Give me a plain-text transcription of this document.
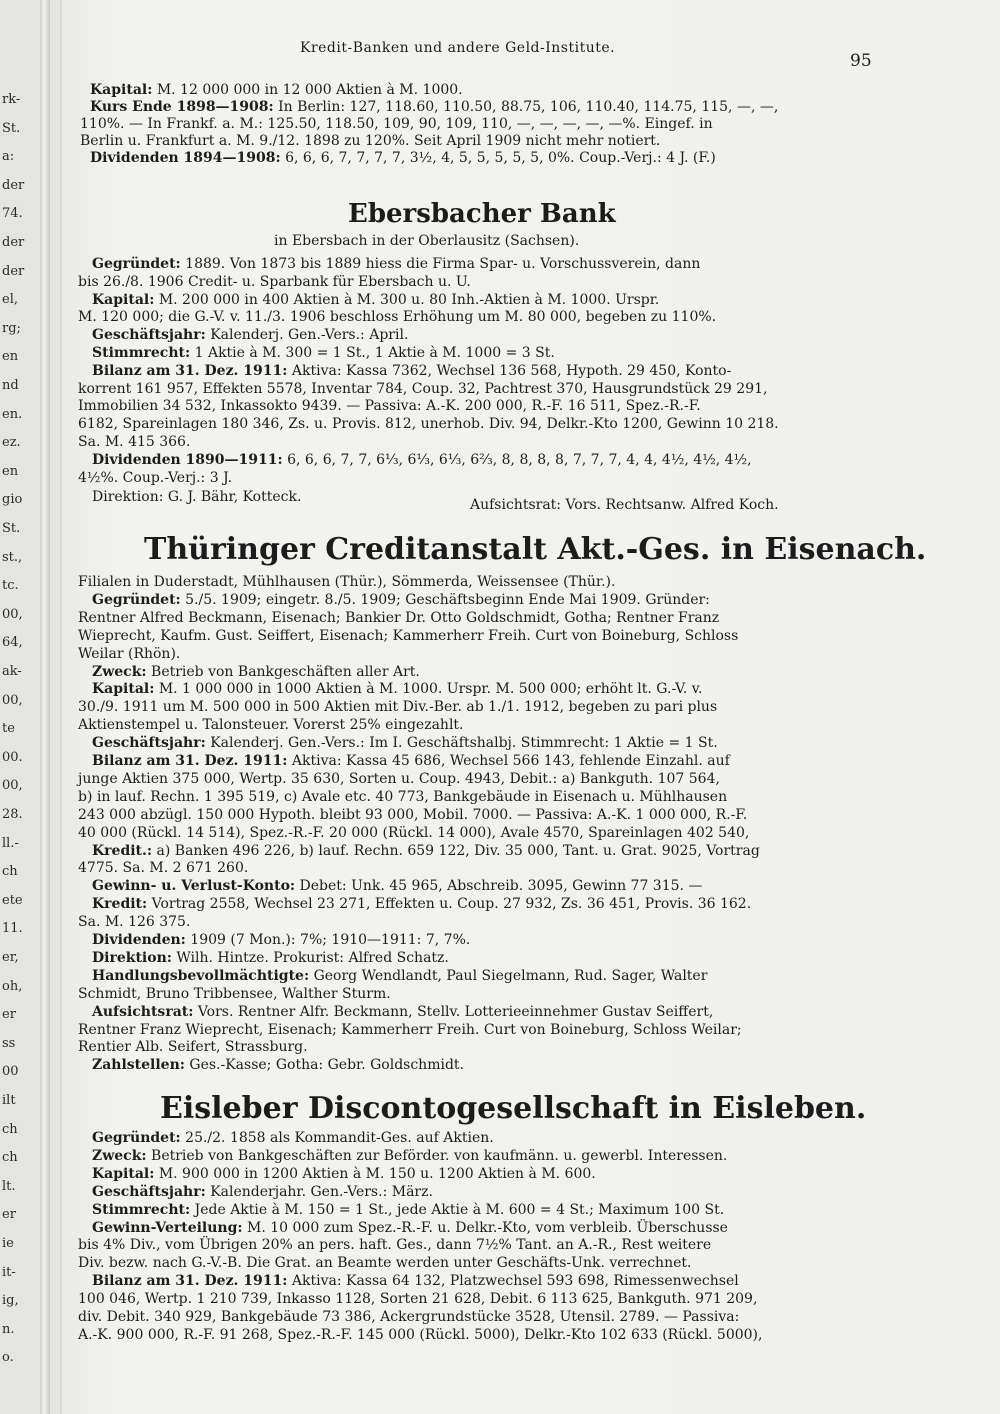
rk-
St.
a:
der
74.
der
der
el,
rg;
en
nd
en.
ez.
en
gio
St.
st.,
tc.
00,
64,
ak-
00,
te
00.
00,
28.
ll.-
ch
ete
11.
er,
oh,
er
ss
00
ilt
ch
ch
lt.
er
ie
it-
ig,
n.
o.
Kredit-Banken und andere Geld-Institute.
95
Kapital: M. 12 000 000 in 12 000 Aktien à M. 1000.
Kurs Ende 1898—1908: In Berlin: 127, 118.60, 110.50, 88.75, 106, 110.40, 114.75, 115, —, —,
110%. — In Frankf. a. M.: 125.50, 118.50, 109, 90, 109, 110, —, —, —, —, —%. Eingef. in
Berlin u. Frankfurt a. M. 9./12. 1898 zu 120%. Seit April 1909 nicht mehr notiert.
Dividenden 1894—1908: 6, 6, 6, 7, 7, 7, 7, 3½, 4, 5, 5, 5, 5, 5, 0%. Coup.-Verj.: 4 J. (F.)
Ebersbacher Bank
in Ebersbach in der Oberlausitz (Sachsen).
Gegründet: 1889. Von 1873 bis 1889 hiess die Firma Spar- u. Vorschussverein, dann
bis 26./8. 1906 Credit- u. Sparbank für Ebersbach u. U.
Kapital: M. 200 000 in 400 Aktien à M. 300 u. 80 Inh.-Aktien à M. 1000. Urspr.
M. 120 000; die G.-V. v. 11./3. 1906 beschloss Erhöhung um M. 80 000, begeben zu 110%.
Geschäftsjahr: Kalenderj. Gen.-Vers.: April.
Stimmrecht: 1 Aktie à M. 300 = 1 St., 1 Aktie à M. 1000 = 3 St.
Bilanz am 31. Dez. 1911: Aktiva: Kassa 7362, Wechsel 136 568, Hypoth. 29 450, Konto-
korrent 161 957, Effekten 5578, Inventar 784, Coup. 32, Pachtrest 370, Hausgrundstück 29 291,
Immobilien 34 532, Inkassokto 9439. — Passiva: A.-K. 200 000, R.-F. 16 511, Spez.-R.-F.
6182, Spareinlagen 180 346, Zs. u. Provis. 812, unerhob. Div. 94, Delkr.-Kto 1200, Gewinn 10 218.
Sa. M. 415 366.
Dividenden 1890—1911: 6, 6, 6, 7, 7, 6⅓, 6⅓, 6⅓, 6⅔, 8, 8, 8, 8, 7, 7, 7, 4, 4, 4½, 4½, 4½,
4½%. Coup.-Verj.: 3 J.
Direktion: G. J. Bähr, Kotteck.	Aufsichtsrat: Vors. Rechtsanw. Alfred Koch.
Thüringer Creditanstalt Akt.-Ges. in Eisenach.
Filialen in Duderstadt, Mühlhausen (Thür.), Sömmerda, Weissensee (Thür.).
Gegründet: 5./5. 1909; eingetr. 8./5. 1909; Geschäftsbeginn Ende Mai 1909. Gründer:
Rentner Alfred Beckmann, Eisenach; Bankier Dr. Otto Goldschmidt, Gotha; Rentner Franz
Wieprecht, Kaufm. Gust. Seiffert, Eisenach; Kammerherr Freih. Curt von Boineburg, Schloss
Weilar (Rhön).
Zweck: Betrieb von Bankgeschäften aller Art.
Kapital: M. 1 000 000 in 1000 Aktien à M. 1000. Urspr. M. 500 000; erhöht lt. G.-V. v.
30./9. 1911 um M. 500 000 in 500 Aktien mit Div.-Ber. ab 1./1. 1912, begeben zu pari plus
Aktienstempel u. Talonsteuer. Vorerst 25% eingezahlt.
Geschäftsjahr: Kalenderj. Gen.-Vers.: Im I. Geschäftshalbj. Stimmrecht: 1 Aktie = 1 St.
Bilanz am 31. Dez. 1911: Aktiva: Kassa 45 686, Wechsel 566 143, fehlende Einzahl. auf
junge Aktien 375 000, Wertp. 35 630, Sorten u. Coup. 4943, Debit.: a) Bankguth. 107 564,
b) in lauf. Rechn. 1 395 519, c) Avale etc. 40 773, Bankgebäude in Eisenach u. Mühlhausen
243 000 abzügl. 150 000 Hypoth. bleibt 93 000, Mobil. 7000. — Passiva: A.-K. 1 000 000, R.-F.
40 000 (Rückl. 14 514), Spez.-R.-F. 20 000 (Rückl. 14 000), Avale 4570, Spareinlagen 402 540,
Kredit.: a) Banken 496 226, b) lauf. Rechn. 659 122, Div. 35 000, Tant. u. Grat. 9025, Vortrag
4775. Sa. M. 2 671 260.
Gewinn- u. Verlust-Konto: Debet: Unk. 45 965, Abschreib. 3095, Gewinn 77 315. —
Kredit: Vortrag 2558, Wechsel 23 271, Effekten u. Coup. 27 932, Zs. 36 451, Provis. 36 162.
Sa. M. 126 375.
Dividenden: 1909 (7 Mon.): 7%; 1910—1911: 7, 7%.
Direktion: Wilh. Hintze. Prokurist: Alfred Schatz.
Handlungsbevollmächtigte: Georg Wendlandt, Paul Siegelmann, Rud. Sager, Walter
Schmidt, Bruno Tribbensee, Walther Sturm.
Aufsichtsrat: Vors. Rentner Alfr. Beckmann, Stellv. Lotterieeinnehmer Gustav Seiffert,
Rentner Franz Wieprecht, Eisenach; Kammerherr Freih. Curt von Boineburg, Schloss Weilar;
Rentier Alb. Seifert, Strassburg.
Zahlstellen: Ges.-Kasse; Gotha: Gebr. Goldschmidt.
Eisleber Discontogesellschaft in Eisleben.
Gegründet: 25./2. 1858 als Kommandit-Ges. auf Aktien.
Zweck: Betrieb von Bankgeschäften zur Beförder. von kaufmänn. u. gewerbl. Interessen.
Kapital: M. 900 000 in 1200 Aktien à M. 150 u. 1200 Aktien à M. 600.
Geschäftsjahr: Kalenderjahr. Gen.-Vers.: März.
Stimmrecht: Jede Aktie à M. 150 = 1 St., jede Aktie à M. 600 = 4 St.; Maximum 100 St.
Gewinn-Verteilung: M. 10 000 zum Spez.-R.-F. u. Delkr.-Kto, vom verbleib. Überschusse
bis 4% Div., vom Übrigen 20% an pers. haft. Ges., dann 7½% Tant. an A.-R., Rest weitere
Div. bezw. nach G.-V.-B. Die Grat. an Beamte werden unter Geschäfts-Unk. verrechnet.
Bilanz am 31. Dez. 1911: Aktiva: Kassa 64 132, Platzwechsel 593 698, Rimessenwechsel
100 046, Wertp. 1 210 739, Inkasso 1128, Sorten 21 628, Debit. 6 113 625, Bankguth. 971 209,
div. Debit. 340 929, Bankgebäude 73 386, Ackergrundstücke 3528, Utensil. 2789. — Passiva:
A.-K. 900 000, R.-F. 91 268, Spez.-R.-F. 145 000 (Rückl. 5000), Delkr.-Kto 102 633 (Rückl. 5000),
